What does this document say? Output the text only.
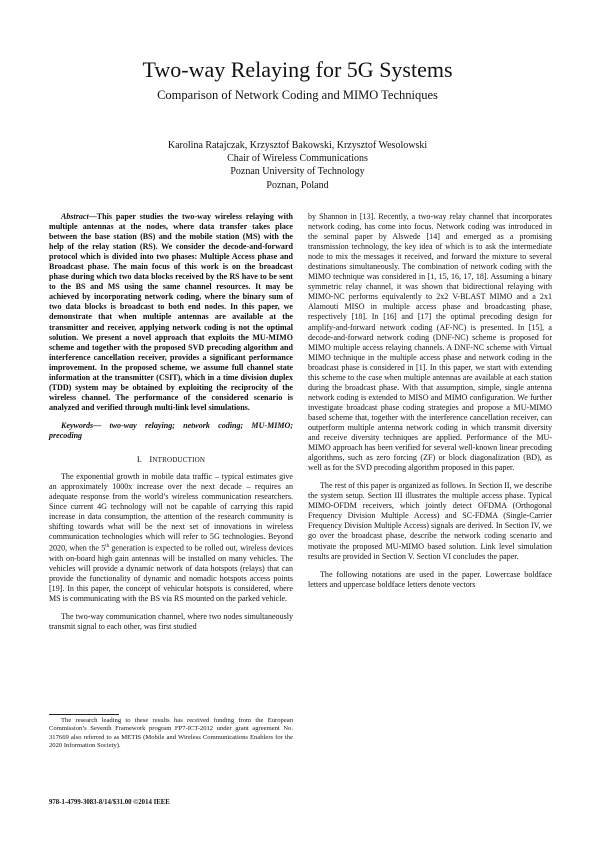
Two-way Relaying for 5G Systems
Comparison of Network Coding and MIMO Techniques
Karolina Ratajczak, Krzysztof Bakowski, Krzysztof Wesolowski
Chair of Wireless Communications
Poznan University of Technology
Poznan, Poland

Abstract—This paper studies the two-way wireless relaying with multiple antennas at the nodes, where data transfer takes place between the base station (BS) and the mobile station (MS) with the help of the relay station (RS). We consider the decode-and-forward protocol which is divided into two phases: Multiple Access phase and Broadcast phase. The main focus of this work is on the broadcast phase during which two data blocks received by the RS have to be sent to the BS and MS using the same channel resources. It may be achieved by incorporating network coding, where the binary sum of two data blocks is broadcast to both end nodes. In this paper, we demonstrate that when multiple antennas are available at the transmitter and receiver, applying network coding is not the optimal solution. We present a novel approach that exploits the MU-MIMO scheme and together with the proposed SVD precoding algorithm and interference cancellation receiver, provides a significant performance improvement. In the proposed scheme, we assume full channel state information at the transmitter (CSIT), which in a time division duplex (TDD) system may be obtained by exploiting the reciprocity of the wireless channel. The performance of the considered scenario is analyzed and verified through multi-link level simulations.

Keywords— two-way relaying; network coding; MU-MIMO; precoding

I. INTRODUCTION

The exponential growth in mobile data traffic – typical estimates give an approximately 1000x increase over the next decade – requires an adequate response from the world’s wireless communication researchers. Since current 4G technology will not be capable of carrying this rapid increase in data consumption, the attention of the research community is shifting towards what will be the next set of innovations in wireless communication technologies which will refer to 5G technologies. Beyond 2020, when the 5th generation is expected to be rolled out, wireless devices with on-board high gain antennas will be installed on many vehicles. The vehicles will provide a dynamic network of data hotspots (relays) that can provide the functionality of dynamic and nomadic hotspots access points [19]. In this paper, the concept of vehicular hotspots is considered, where MS is communicating with the BS via RS mounted on the parked vehicle.

The two-way communication channel, where two nodes simultaneously transmit signal to each other, was first studied

by Shannon in [13]. Recently, a two-way relay channel that incorporates network coding, has come into focus. Network coding was introduced in the seminal paper by Alswede [14] and emerged as a promising transmission technology, the key idea of which is to ask the intermediate node to mix the messages it received, and forward the mixture to several destinations simultaneously. The combination of network coding with the MIMO technique was considered in [1, 15, 16, 17, 18]. Assuming a binary symmetric relay channel, it was shown that bidirectional relaying with MIMO-NC performs equivalently to 2x2 V-BLAST MIMO and a 2x1 Alamouti MISO in multiple access phase and broadcasting phase, respectively [18]. In [16] and [17] the optimal precoding design for amplify-and-forward network coding (AF-NC) is presented. In [15], a decode-and-forward network coding (DNF-NC) scheme is proposed for MIMO multiple access relaying channels. A DNF-NC scheme with Virtual MIMO technique in the multiple access phase and network coding in the broadcast phase is considered in [1]. In this paper, we start with extending this scheme to the case when multiple antennas are available at each station during the broadcast phase. With that assumption, simple, single antenna network coding is extended to MISO and MIMO configuration. We further investigate broadcast phase coding strategies and propose a MU-MIMO based scheme that, together with the interference cancellation receiver, can outperform multiple antenna network coding in which transmit diversity and receive diversity techniques are applied. Performance of the MU-MIMO approach has been verified for several well-known linear precoding algorithms, such as zero forcing (ZF) or block diagonalization (BD), as well as for the SVD precoding algorithm proposed in this paper.

The rest of this paper is organized as follows. In Section II, we describe the system setup. Section III illustrates the multiple access phase. Typical MIMO-OFDM receivers, which jointly detect OFDMA (Orthogonal Frequency Division Multiple Access) and SC-FDMA (Single-Carrier Frequency Division Multiple Access) signals are derived. In Section IV, we go over the broadcast phase, describe the network coding scenario and motivate the proposed MU-MIMO based solution. Link level simulation results are provided in Section V. Section VI concludes the paper.

The following notations are used in the paper. Lowercase boldface letters and uppercase boldface letters denote vectors

The research leading to these results has received funding from the European Commission’s Seventh Framework program FP7-ICT-2012 under grant agreement No. 317669 also referred to as METIS (Mobile and Wireless Communications Enablers for the 2020 Information Society).
978-1-4799-3083-8/14/$31.00 ©2014 IEEE
